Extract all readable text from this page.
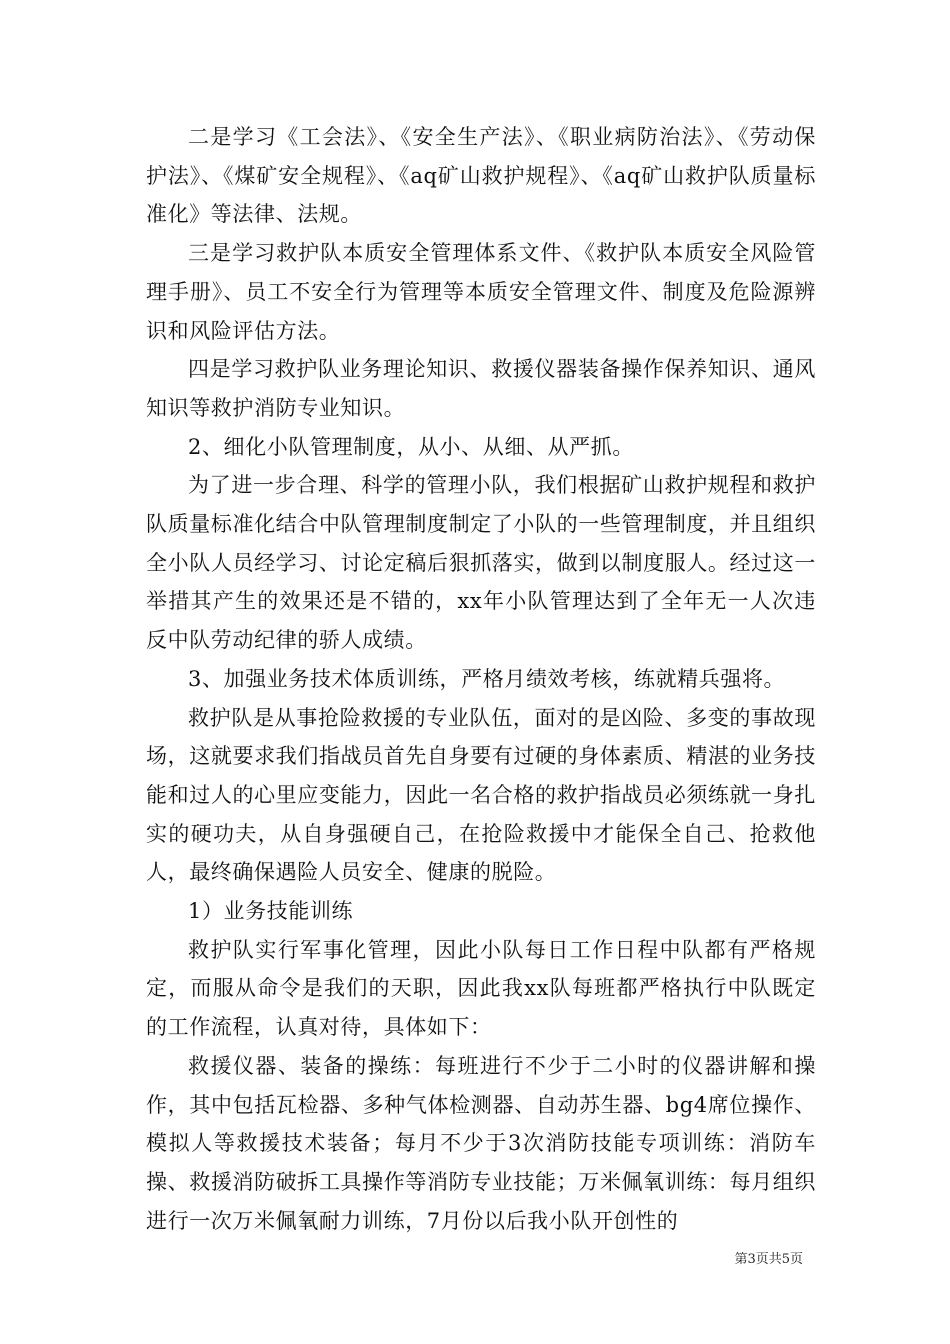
二是学习《工会法》、《安全生产法》、《职业病防治法》、《劳动保护法》、《煤矿安全规程》、《aq矿山救护规程》、《aq矿山救护队质量标准化》等法律、法规。

三是学习救护队本质安全管理体系文件、《救护队本质安全风险管理手册》、员工不安全行为管理等本质安全管理文件、制度及危险源辨识和风险评估方法。

四是学习救护队业务理论知识、救援仪器装备操作保养知识、通风知识等救护消防专业知识。

2、细化小队管理制度，从小、从细、从严抓。

为了进一步合理、科学的管理小队，我们根据矿山救护规程和救护队质量标准化结合中队管理制度制定了小队的一些管理制度，并且组织全小队人员经学习、讨论定稿后狠抓落实，做到以制度服人。经过这一举措其产生的效果还是不错的，xx年小队管理达到了全年无一人次违反中队劳动纪律的骄人成绩。

3、加强业务技术体质训练，严格月绩效考核，练就精兵强将。

救护队是从事抢险救援的专业队伍，面对的是凶险、多变的事故现场，这就要求我们指战员首先自身要有过硬的身体素质、精湛的业务技能和过人的心里应变能力，因此一名合格的救护指战员必须练就一身扎实的硬功夫，从自身强硬自己，在抢险救援中才能保全自己、抢救他人，最终确保遇险人员安全、健康的脱险。

1）业务技能训练

救护队实行军事化管理，因此小队每日工作日程中队都有严格规定，而服从命令是我们的天职，因此我xx队每班都严格执行中队既定的工作流程，认真对待，具体如下：

救援仪器、装备的操练：每班进行不少于二小时的仪器讲解和操作，其中包括瓦检器、多种气体检测器、自动苏生器、bg4席位操作、模拟人等救援技术装备；每月不少于3次消防技能专项训练：消防车操、救援消防破拆工具操作等消防专业技能；万米佩氧训练：每月组织进行一次万米佩氧耐力训练，7月份以后我小队开创性的

第3页共5页
